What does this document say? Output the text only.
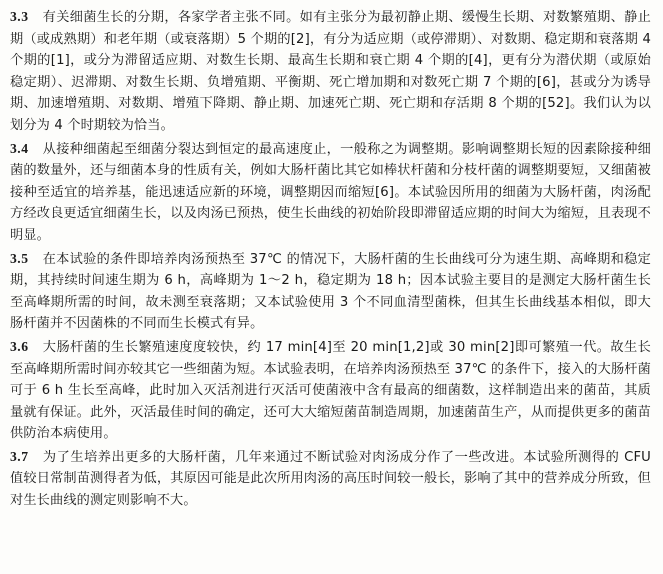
3.3 有关细菌生长的分期，各家学者主张不同。如有主张分为最初静止期、缓慢生长期、对数繁殖期、静止期（或成熟期）和老年期（或衰落期）5 个期的[2]，有分为适应期（或停滞期）、对数期、稳定期和衰落期 4 个期的[1]，或分为滞留适应期、对数生长期、最高生长期和衰亡期 4 个期的[4]，更有分为潜伏期（或原始稳定期）、迟滞期、对数生长期、负增殖期、平衡期、死亡增加期和对数死亡期 7 个期的[6]，甚或分为诱导期、加速增殖期、对数期、增殖下降期、静止期、加速死亡期、死亡期和存活期 8 个期的[52]。我们认为以划分为 4 个时期较为恰当。

3.4 从接种细菌起至细菌分裂达到恒定的最高速度止，一般称之为调整期。影响调整期长短的因素除接种细菌的数量外，还与细菌本身的性质有关，例如大肠杆菌比其它如棒状杆菌和分枝杆菌的调整期要短，又细菌被接种至适宜的培养基，能迅速适应新的环境，调整期因而缩短[6]。本试验因所用的细菌为大肠杆菌，肉汤配方经改良更适宜细菌生长，以及肉汤已预热，使生长曲线的初始阶段即滞留适应期的时间大为缩短，且表现不明显。

3.5 在本试验的条件即培养肉汤预热至 37℃ 的情况下，大肠杆菌的生长曲线可分为速生期、高峰期和稳定期，其持续时间速生期为 6 h，高峰期为 1～2 h，稳定期为 18 h；因本试验主要目的是测定大肠杆菌生长至高峰期所需的时间，故未测至衰落期；又本试验使用 3 个不同血清型菌株，但其生长曲线基本相似，即大肠杆菌并不因菌株的不同而生长模式有异。

3.6 大肠杆菌的生长繁殖速度度较快，约 17 min[4]至 20 min[1,2]或 30 min[2]即可繁殖一代。故生长至高峰期所需时间亦较其它一些细菌为短。本试验表明，在培养肉汤预热至 37℃ 的条件下，接入的大肠杆菌可于 6 h 生长至高峰，此时加入灭活剂进行灭活可使菌液中含有最高的细菌数，这样制造出来的菌苗，其质量就有保证。此外，灭活最佳时间的确定，还可大大缩短菌苗制造周期，加速菌苗生产，从而提供更多的菌苗供防治本病使用。

3.7 为了生培养出更多的大肠杆菌，几年来通过不断试验对肉汤成分作了一些改进。本试验所测得的 CFU 值较日常制苗测得者为低，其原因可能是此次所用肉汤的高压时间较一般长，影响了其中的营养成分所致，但对生长曲线的测定则影响不大。
